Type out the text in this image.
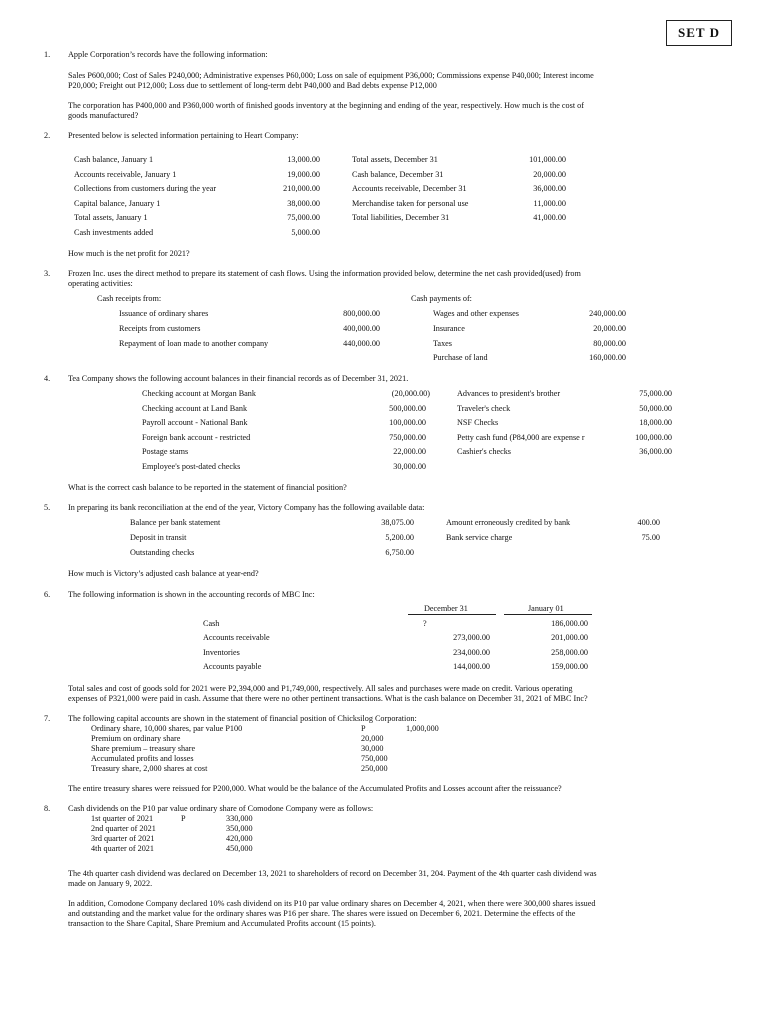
SET D
1. Apple Corporation’s records have the following information:
Sales P600,000; Cost of Sales P240,000; Administrative expenses P60,000; Loss on sale of equipment P36,000; Commissions expense P40,000; Interest income
P20,000; Freight out P12,000; Loss due to settlement of long-term debt P40,000 and Bad debts expense P12,000
The corporation has P400,000 and P360,000 worth of finished goods inventory at the beginning and ending of the year, respectively. How much is the cost of
goods manufactured?
2. Presented below is selected information pertaining to Heart Company:
Cash balance, January 1	13,000.00
Accounts receivable, January 1	19,000.00
Collections from customers during the year	210,000.00
Capital balance, January 1	38,000.00
Total assets, January 1	75,000.00
Cash investments added	5,000.00
Total assets, December 31	101,000.00
Cash balance, December 31	20,000.00
Accounts receivable, December 31	36,000.00
Merchandise taken for personal use	11,000.00
Total liabilities, December 31	41,000.00
How much is the net profit for 2021?
3. Frozen Inc. uses the direct method to prepare its statement of cash flows. Using the information provided below, determine the net cash provided(used) from
operating activities:
Cash receipts from:	Cash payments of:
Issuance of ordinary shares	800,000.00
Receipts from customers	400,000.00
Repayment of loan made to another company	440,000.00
Wages and other expenses	240,000.00
Insurance	20,000.00
Taxes	80,000.00
Purchase of land	160,000.00
4. Tea Company shows the following account balances in their financial records as of December 31, 2021.
Checking account at Morgan Bank	(20,000.00)
Checking account at Land Bank	500,000.00
Payroll account - National Bank	100,000.00
Foreign bank account - restricted	750,000.00
Postage stams	22,000.00
Employee's post-dated checks	30,000.00
Advances to president's brother	75,000.00
Traveler's check	50,000.00
NSF Checks	18,000.00
Petty cash fund (P84,000 are expense r	100,000.00
Cashier's checks	36,000.00
What is the correct cash balance to be reported in the statement of financial position?
5. In preparing its bank reconciliation at the end of the year, Victory Company has the following available data:
Balance per bank statement	38,075.00
Deposit in transit	5,200.00
Outstanding checks	6,750.00
Amount erroneously credited by bank	400.00
Bank service charge	75.00
How much is Victory’s adjusted cash balance at year-end?
6. The following information is shown in the accounting records of MBC Inc:
December 31	January 01
Cash	?	186,000.00
Accounts receivable	273,000.00	201,000.00
Inventories	234,000.00	258,000.00
Accounts payable	144,000.00	159,000.00
Total sales and cost of goods sold for 2021 were P2,394,000 and P1,749,000, respectively. All sales and purchases were made on credit. Various operating
expenses of P321,000 were paid in cash. Assume that there were no other pertinent transactions. What is the cash balance on December 31, 2021 of MBC Inc?
7. The following capital accounts are shown in the statement of financial position of Chicksilog Corporation:
Ordinary share, 10,000 shares, par value P100	P	1,000,000
Premium on ordinary share	20,000
Share premium – treasury share	30,000
Accumulated profits and losses	750,000
Treasury share, 2,000 shares at cost	250,000
The entire treasury shares were reissued for P200,000. What would be the balance of the Accumulated Profits and Losses account after the reissuance?
8. Cash dividends on the P10 par value ordinary share of Comodone Company were as follows:
1st quarter of 2021	P	330,000
2nd quarter of 2021	350,000
3rd quarter of 2021	420,000
4th quarter of 2021	450,000
The 4th quarter cash dividend was declared on December 13, 2021 to shareholders of record on December 31, 204. Payment of the 4th quarter cash dividend was
made on January 9, 2022.
In addition, Comodone Company declared 10% cash dividend on its P10 par value ordinary shares on December 4, 2021, when there were 300,000 shares issued
and outstanding and the market value for the ordinary shares was P16 per share. The shares were issued on December 6, 2021. Determine the effects of the
transaction to the Share Capital, Share Premium and Accumulated Profits account (15 points).
